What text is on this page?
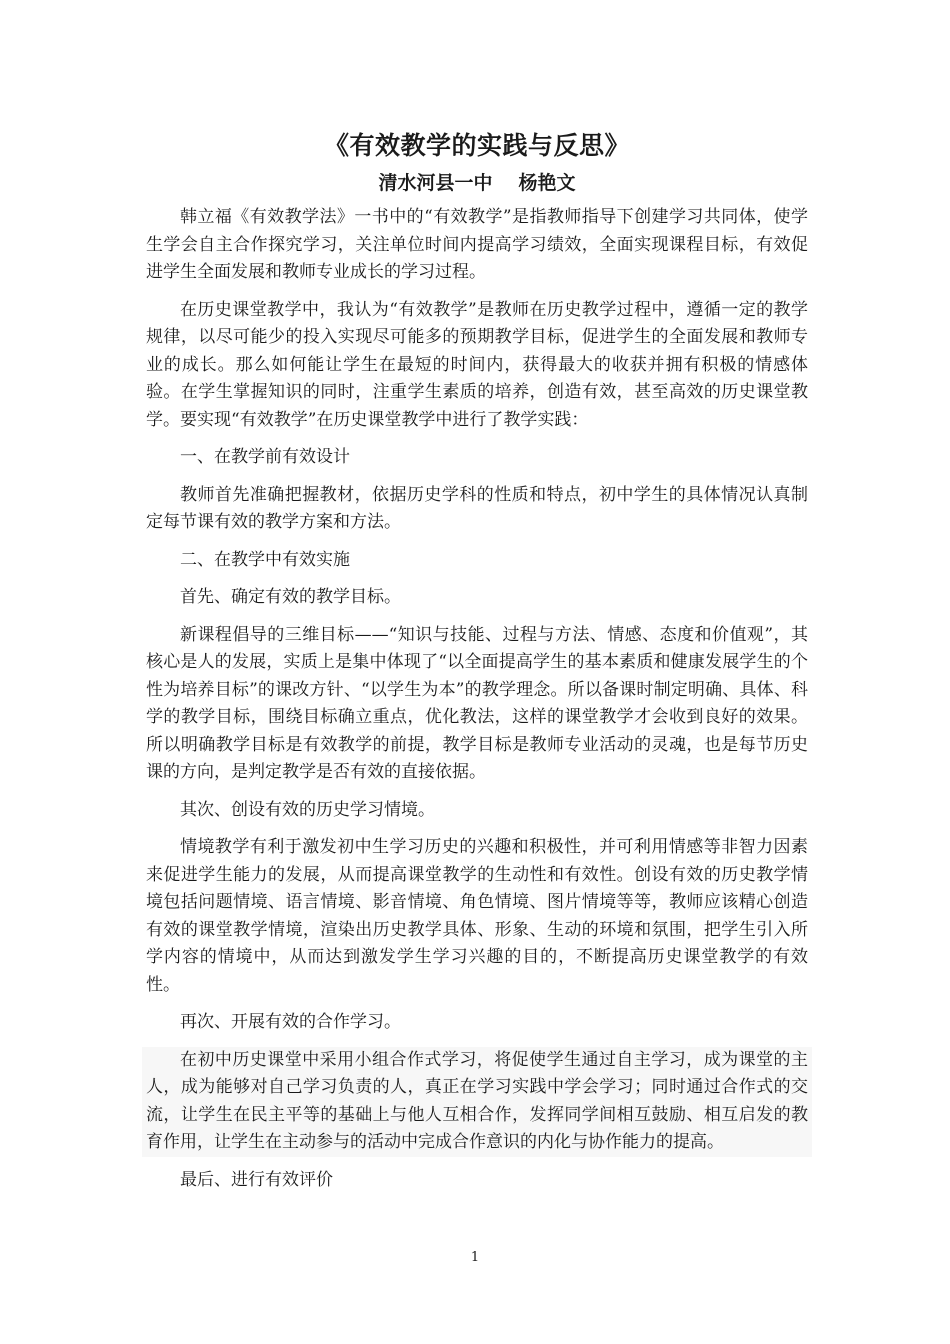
《有效教学的实践与反思》
清水河县一中 杨艳文

韩立福《有效教学法》一书中的“有效教学”是指教师指导下创建学习共同体，使学生学会自主合作探究学习，关注单位时间内提高学习绩效，全面实现课程目标，有效促进学生全面发展和教师专业成长的学习过程。

在历史课堂教学中，我认为“有效教学”是教师在历史教学过程中，遵循一定的教学规律，以尽可能少的投入实现尽可能多的预期教学目标，促进学生的全面发展和教师专业的成长。那么如何能让学生在最短的时间内，获得最大的收获并拥有积极的情感体验。在学生掌握知识的同时，注重学生素质的培养，创造有效，甚至高效的历史课堂教学。要实现“有效教学”在历史课堂教学中进行了教学实践：

一、在教学前有效设计

教师首先准确把握教材，依据历史学科的性质和特点，初中学生的具体情况认真制定每节课有效的教学方案和方法。

二、在教学中有效实施

首先、确定有效的教学目标。

新课程倡导的三维目标——“知识与技能、过程与方法、情感、态度和价值观”，其核心是人的发展，实质上是集中体现了“以全面提高学生的基本素质和健康发展学生的个性为培养目标”的课改方针、“以学生为本”的教学理念。所以备课时制定明确、具体、科学的教学目标，围绕目标确立重点，优化教法，这样的课堂教学才会收到良好的效果。所以明确教学目标是有效教学的前提，教学目标是教师专业活动的灵魂，也是每节历史课的方向，是判定教学是否有效的直接依据。

其次、创设有效的历史学习情境。

情境教学有利于激发初中生学习历史的兴趣和积极性，并可利用情感等非智力因素来促进学生能力的发展，从而提高课堂教学的生动性和有效性。创设有效的历史教学情境包括问题情境、语言情境、影音情境、角色情境、图片情境等等，教师应该精心创造有效的课堂教学情境，渲染出历史教学具体、形象、生动的环境和氛围，把学生引入所学内容的情境中，从而达到激发学生学习兴趣的目的，不断提高历史课堂教学的有效性。

再次、开展有效的合作学习。

在初中历史课堂中采用小组合作式学习，将促使学生通过自主学习，成为课堂的主人，成为能够对自己学习负责的人，真正在学习实践中学会学习；同时通过合作式的交流，让学生在民主平等的基础上与他人互相合作，发挥同学间相互鼓励、相互启发的教育作用，让学生在主动参与的活动中完成合作意识的内化与协作能力的提高。

最后、进行有效评价

1
